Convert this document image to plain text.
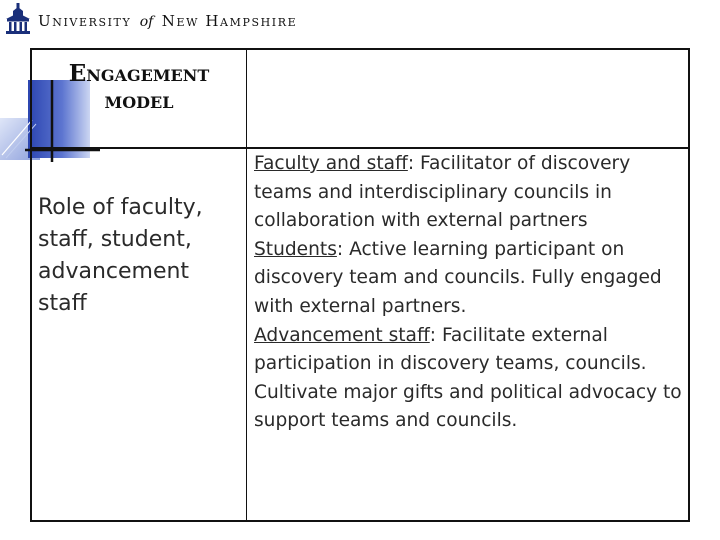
University of New Hampshire
Engagement
model
Role of faculty, staff, student, advancement staff

Faculty and staff: Facilitator of discovery teams and interdisciplinary councils in collaboration with external partners

Students: Active learning participant on discovery team and councils. Fully engaged with external partners.

Advancement staff: Facilitate external participation in discovery teams, councils. Cultivate major gifts and political advocacy to support teams and councils.
